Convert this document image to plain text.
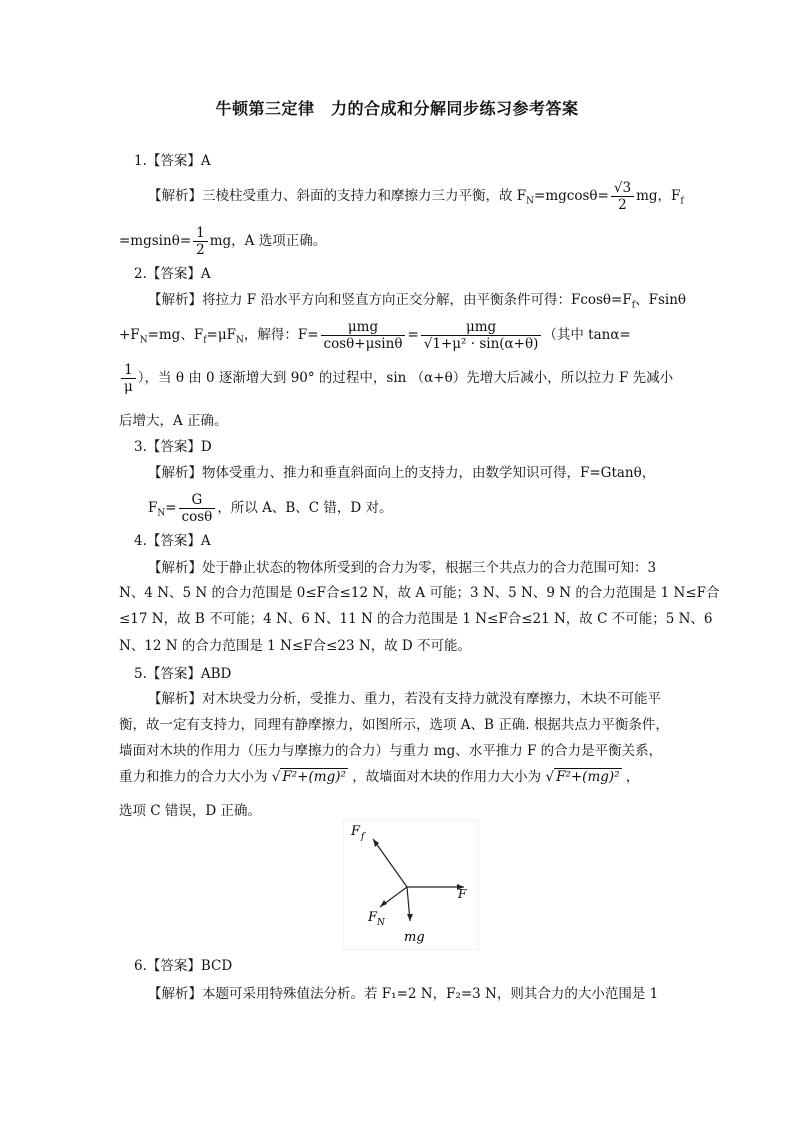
牛顿第三定律　力的合成和分解同步练习参考答案
1.【答案】A
【解析】三棱柱受重力、斜面的支持力和摩擦力三力平衡，故 $F_N=mgcos\theta= \frac{√3}{2}$ mg，$F_f$
$=mgsin\theta= \frac{1}{2}$ mg，A 选项正确。
2.【答案】A
【解析】将拉力 F 沿水平方向和竖直方向正交分解，由平衡条件可得：$Fcos\theta=F_f$、Fsinθ
$+F_N=mg$、$F_f=\mu F_N$，解得：$F= \frac{\text{μmg}}{\cos\theta+\mu\sin\theta} = \frac{\text{μmg}}{\text{√1+μ² · sin(α+θ)}}$ （其中 tanα=
$\frac{1}{\mu}$ ），当 θ 由 0 逐渐增大到 90° 的过程中，sin （α+θ）先增大后减小，所以拉力 F 先减小
后增大，A 正确。
3.【答案】D
【解析】物体受重力、推力和垂直斜面向上的支持力，由数学知识可得，F=Gtanθ，
$F_N= \frac{G}{\cos\theta}$ ，所以 A、B、C 错，D 对。
4.【答案】A
【解析】处于静止状态的物体所受到的合力为零，根据三个共点力的合力范围可知：3
N、4 N、5 N 的合力范围是 0≤F合≤12 N，故 A 可能；3 N、5 N、9 N 的合力范围是 1 N≤F合
≤17 N，故 B 不可能；4 N、6 N、11 N 的合力范围是 1 N≤F合≤21 N，故 C 不可能；5 N、6
N、12 N 的合力范围是 1 N≤F合≤23 N，故 D 不可能。
5.【答案】ABD
【解析】对木块受力分析，受推力、重力，若没有支持力就没有摩擦力，木块不可能平
衡，故一定有支持力，同理有静摩擦力，如图所示，选项 A、B 正确. 根据共点力平衡条件，
墙面对木块的作用力（压力与摩擦力的合力）与重力 mg、水平推力 F 的合力是平衡关系，
重力和推力的合力大小为 √ F²+(mg)² ，故墙面对木块的作用力大小为 √ F²+(mg)² ，
选项 C 错误，D 正确。
F f
F
F N
mg
6.【答案】BCD
【解析】本题可采用特殊值法分析。若 F₁=2 N，F₂=3 N，则其合力的大小范围是 1
